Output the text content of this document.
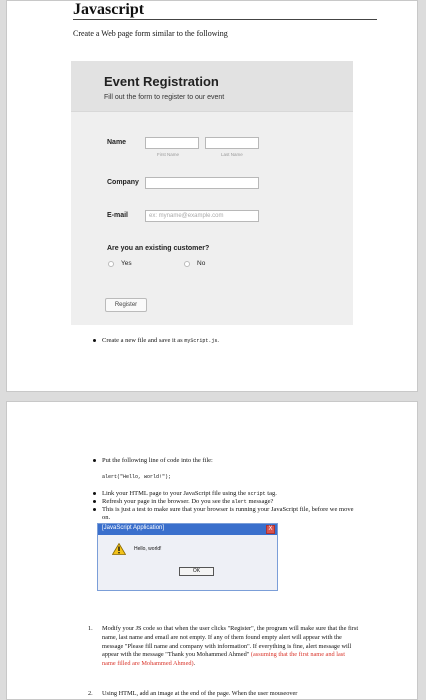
Javascript
Create a Web page form similar to the following
Event Registration
Fill out the form to register to our event
Name
First Name	Last Name
Company
E-mail	ex: myname@example.com
Are you an existing customer?
Yes	No
Register
Create a new file and save it as myScript.js.
Put the following line of code into the file:
alert("Hello, world!");
Link your HTML page to your JavaScript file using the script tag.
Refresh your page in the browser. Do you see the alert message?
This is just a test to make sure that your browser is running your JavaScript file, before we move on.
[JavaScript Application]	X
Hello, world!
OK
1. Modify your JS code so that when the user clicks "Register", the program will make sure that the first name, last name and email are not empty. If any of them found empty alert will appear with the message "Please fill name and company with information". If everything is fine, alert message will appear with the message "Thank you Mohammed Ahmed" (assuming that the first name and last name filled are Mohammed Ahmed).
2. Using HTML, add an image at the end of the page. When the user mouseover
